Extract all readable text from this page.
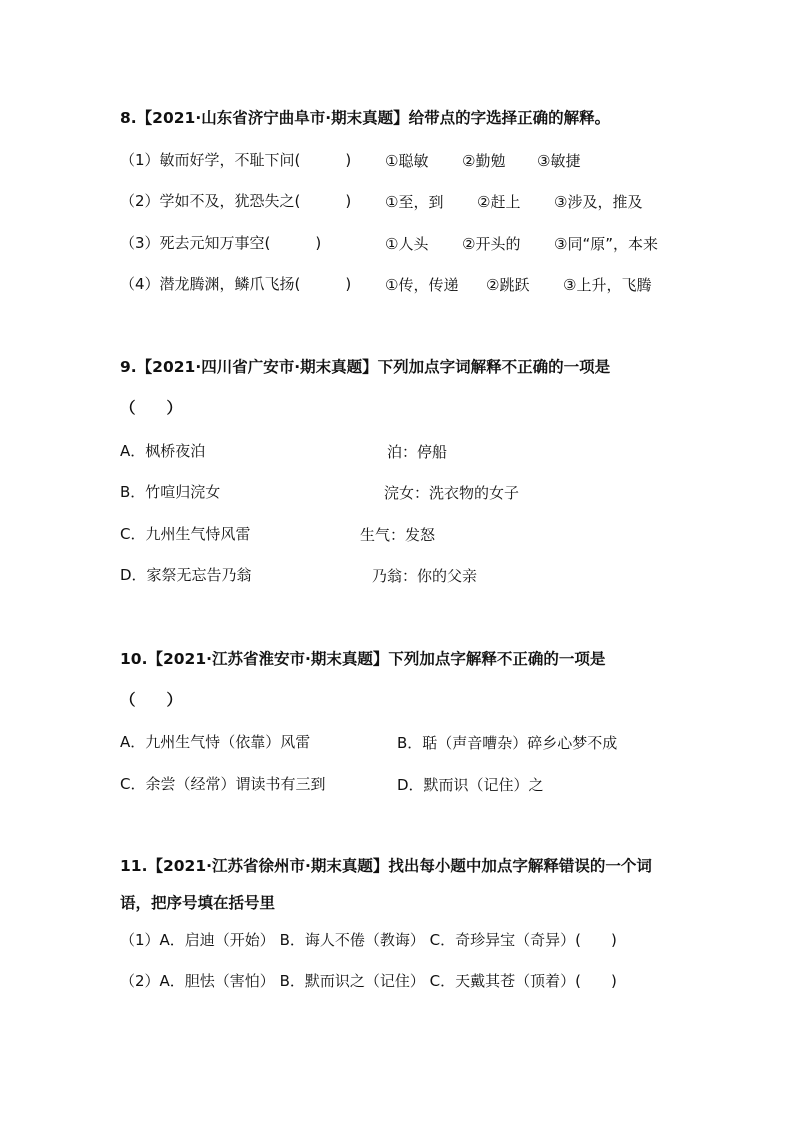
8.【2021·山东省济宁曲阜市·期末真题】给带点的字选择正确的解释。
（1）敏而好学，不耻下问(　　　) ①聪敏 ②勤勉 ③敏捷
（2）学如不及，犹恐失之(　　　) ①至，到 ②赶上 ③涉及，推及
（3）死去元知万事空(　　　)	①人头 ②开头的 ③同“原”，本来
（4）潜龙腾渊，鳞爪飞扬(　　　) ①传，传递 ②跳跃 ③上升，飞腾
9.【2021·四川省广安市·期末真题】下列加点字词解释不正确的一项是
（　　）
A．枫桥夜泊	泊：停船
B．竹喧归浣女	浣女：洗衣物的女子
C．九州生气恃风雷	生气：发怒
D．家祭无忘告乃翁	乃翁：你的父亲
10.【2021·江苏省淮安市·期末真题】下列加点字解释不正确的一项是
（　　）
A．九州生气恃（依靠）风雷	B．聒（声音嘈杂）碎乡心梦不成
C．余尝（经常）谓读书有三到	D．默而识（记住）之
11.【2021·江苏省徐州市·期末真题】找出每小题中加点字解释错误的一个词
语，把序号填在括号里
（1）A．启迪（开始） B．诲人不倦（教诲） C．奇珍异宝（奇异）(　　)
（2）A．胆怯（害怕） B．默而识之（记住） C．天戴其苍（顶着）(　　)
